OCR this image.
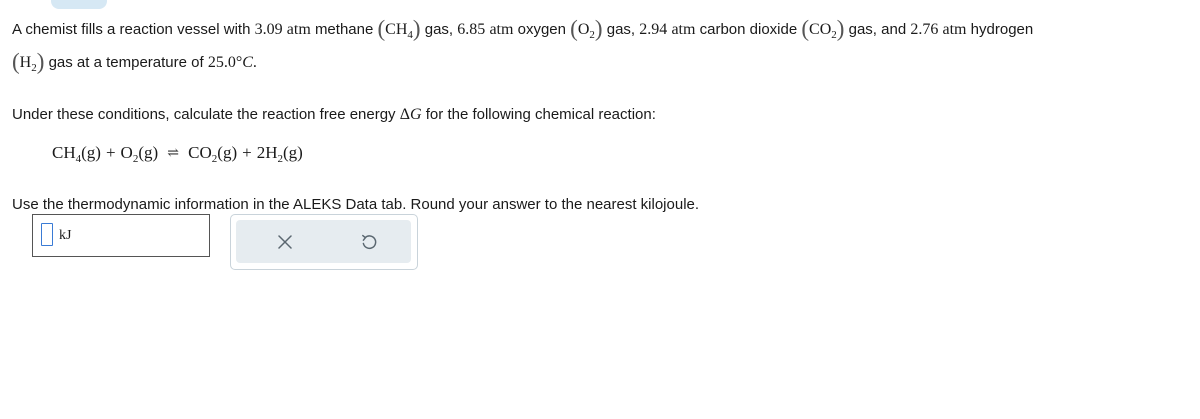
A chemist fills a reaction vessel with 3.09 atm methane $(CH_4)$ gas, 6.85 atm oxygen $(O_2)$ gas, 2.94 atm carbon dioxide $(CO_2)$ gas, and 2.76 atm hydrogen
$(H_2)$ gas at a temperature of 25.0°C.
Under these conditions, calculate the reaction free energy ΔG for the following chemical reaction:
$CH_4(g) + O_2(g)$ ⇌ $CO_2(g) + 2H_2(g)$
Use the thermodynamic information in the ALEKS Data tab. Round your answer to the nearest kilojoule.
kJ
